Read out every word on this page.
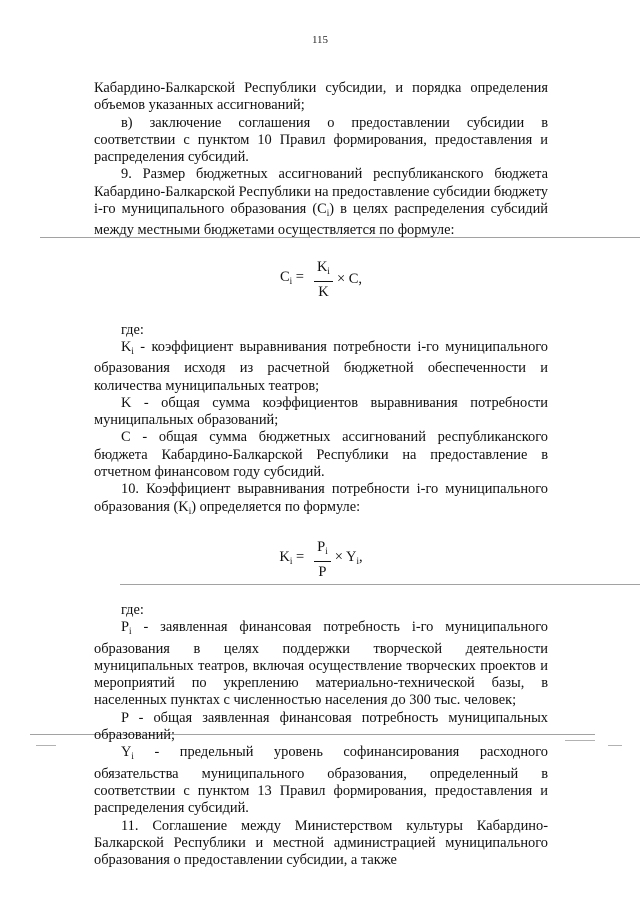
115

Кабардино-Балкарской Республики субсидии, и порядка определения объемов указанных ассигнований;

в) заключение соглашения о предоставлении субсидии в соответствии с пунктом 10 Правил формирования, предоставления и распределения субсидий.

9. Размер бюджетных ассигнований республиканского бюджета Кабардино-Балкарской Республики на предоставление субсидии бюджету i-го муниципального образования $(C_i)$ в целях распределения субсидий между местными бюджетами осуществляется по формуле:

$C_i = \frac{K_i}{K} \times C$,

где:

$K_i$ - коэффициент выравнивания потребности i-го муниципального образования исходя из расчетной бюджетной обеспеченности и количества муниципальных театров;

K - общая сумма коэффициентов выравнивания потребности муниципальных образований;

C - общая сумма бюджетных ассигнований республиканского бюджета Кабардино-Балкарской Республики на предоставление в отчетном финансовом году субсидий.

10. Коэффициент выравнивания потребности i-го муниципального образования $(K_i)$ определяется по формуле:

$K_i = \frac{P_i}{P} \times Y_i$,

где:

$P_i$ - заявленная финансовая потребность i-го муниципального образования в целях поддержки творческой деятельности муниципальных театров, включая осуществление творческих проектов и мероприятий по укреплению материально-технической базы, в населенных пунктах с численностью населения до 300 тыс. человек;

P - общая заявленная финансовая потребность муниципальных образований;

$Y_i$ - предельный уровень софинансирования расходного обязательства муниципального образования, определенный в соответствии с пунктом 13 Правил формирования, предоставления и распределения субсидий.

11. Соглашение между Министерством культуры Кабардино-Балкарской Республики и местной администрацией муниципального образования о предоставлении субсидии, а также
